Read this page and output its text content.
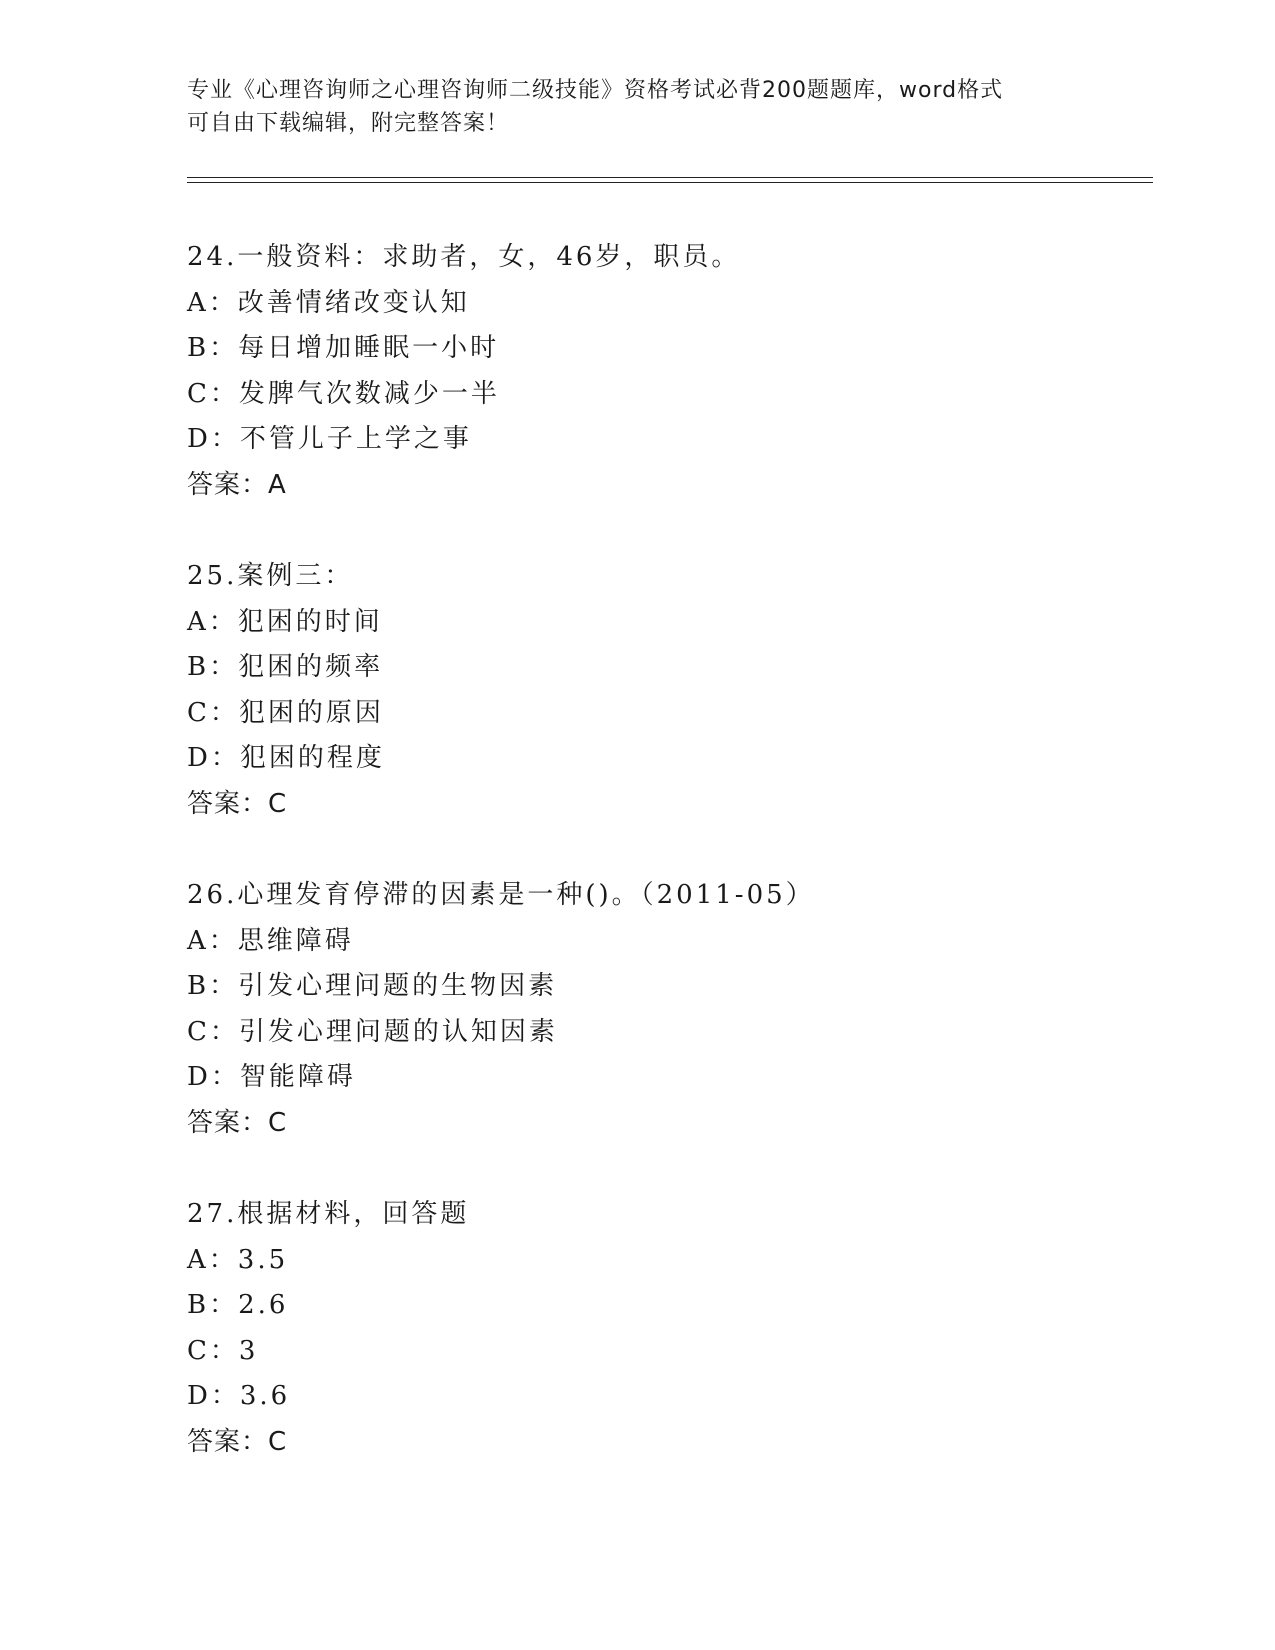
专业《心理咨询师之心理咨询师二级技能》资格考试必背200题题库，word格式

可自由下载编辑，附完整答案！

24.一般资料：求助者，女，46岁，职员。
A：改善情绪改变认知
B：每日增加睡眠一小时
C：发脾气次数减少一半
D：不管儿子上学之事
答案：A
25.案例三：
A：犯困的时间
B：犯困的频率
C：犯困的原因
D：犯困的程度
答案：C
26.心理发育停滞的因素是一种()。（2011-05）
A：思维障碍
B：引发心理问题的生物因素
C：引发心理问题的认知因素
D：智能障碍
答案：C
27.根据材料，回答题
A：3.5
B：2.6
C：3
D：3.6
答案：C
